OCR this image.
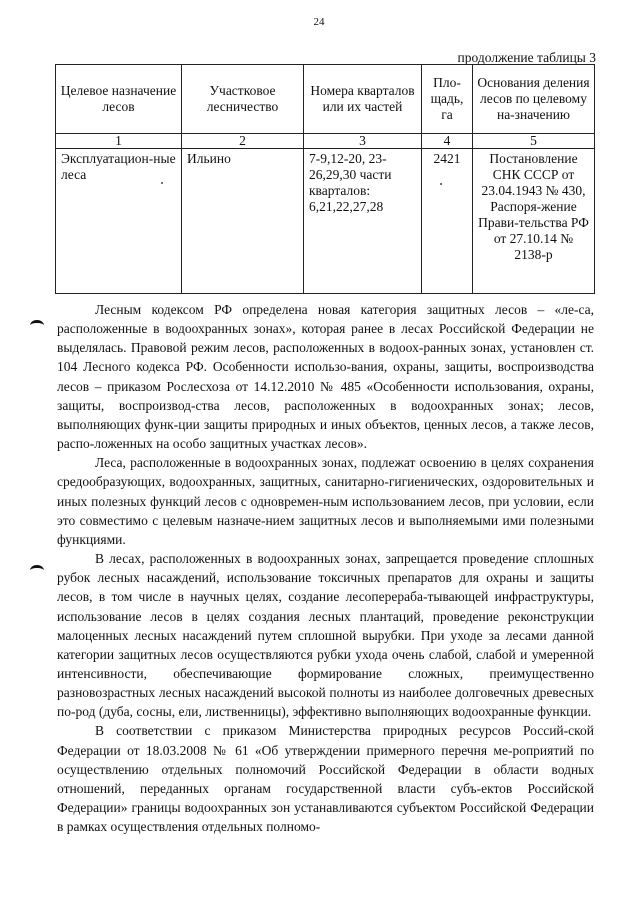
24
продолжение таблицы 3
Целевое назначение лесов	Участковое лесничество	Номера кварталов или их частей	Пло-щадь, га	Основания деления лесов по целевому на-значению
1	2	3	4	5
Эксплуатацион-ные леса	Ильино	7-9,12-20, 23-26,29,30 части кварталов: 6,21,22,27,28	2421	Постановление СНК СССР от 23.04.1943 № 430, Распоря-жение Прави-тельства РФ от 27.10.14 № 2138-р

Лесным кодексом РФ определена новая категория защитных лесов – «ле-са, расположенные в водоохранных зонах», которая ранее в лесах Российской Федерации не выделялась. Правовой режим лесов, расположенных в водоох-ранных зонах, установлен ст. 104 Лесного кодекса РФ. Особенности использо-вания, охраны, защиты, воспроизводства лесов – приказом Рослесхоза от 14.12.2010 № 485 «Особенности использования, охраны, защиты, воспроизвод-ства лесов, расположенных в водоохранных зонах; лесов, выполняющих функ-ции защиты природных и иных объектов, ценных лесов, а также лесов, распо-ложенных на особо защитных участках лесов».

Леса, расположенные в водоохранных зонах, подлежат освоению в целях сохранения средообразующих, водоохранных, защитных, санитарно-гигиенических, оздоровительных и иных полезных функций лесов с одновремен-ным использованием лесов, при условии, если это совместимо с целевым назначе-нием защитных лесов и выполняемыми ими полезными функциями.

В лесах, расположенных в водоохранных зонах, запрещается проведение сплошных рубок лесных насаждений, использование токсичных препаратов для охраны и защиты лесов, в том числе в научных целях, создание лесоперераба-тывающей инфраструктуры, использование лесов в целях создания лесных плантаций, проведение реконструкции малоценных лесных насаждений путем сплошной вырубки. При уходе за лесами данной категории защитных лесов осуществляются рубки ухода очень слабой, слабой и умеренной интенсивности, обеспечивающие формирование сложных, преимущественно разновозрастных лесных насаждений высокой полноты из наиболее долговечных древесных по-род (дуба, сосны, ели, лиственницы), эффективно выполняющих водоохранные функции.

В соответствии с приказом Министерства природных ресурсов Россий-ской Федерации от 18.03.2008 № 61 «Об утверждении примерного перечня ме-роприятий по осуществлению отдельных полномочий Российской Федерации в области водных отношений, переданных органам государственной власти субъ-ектов Российской Федерации» границы водоохранных зон устанавливаются субъектом Российской Федерации в рамках осуществления отдельных полномо-
